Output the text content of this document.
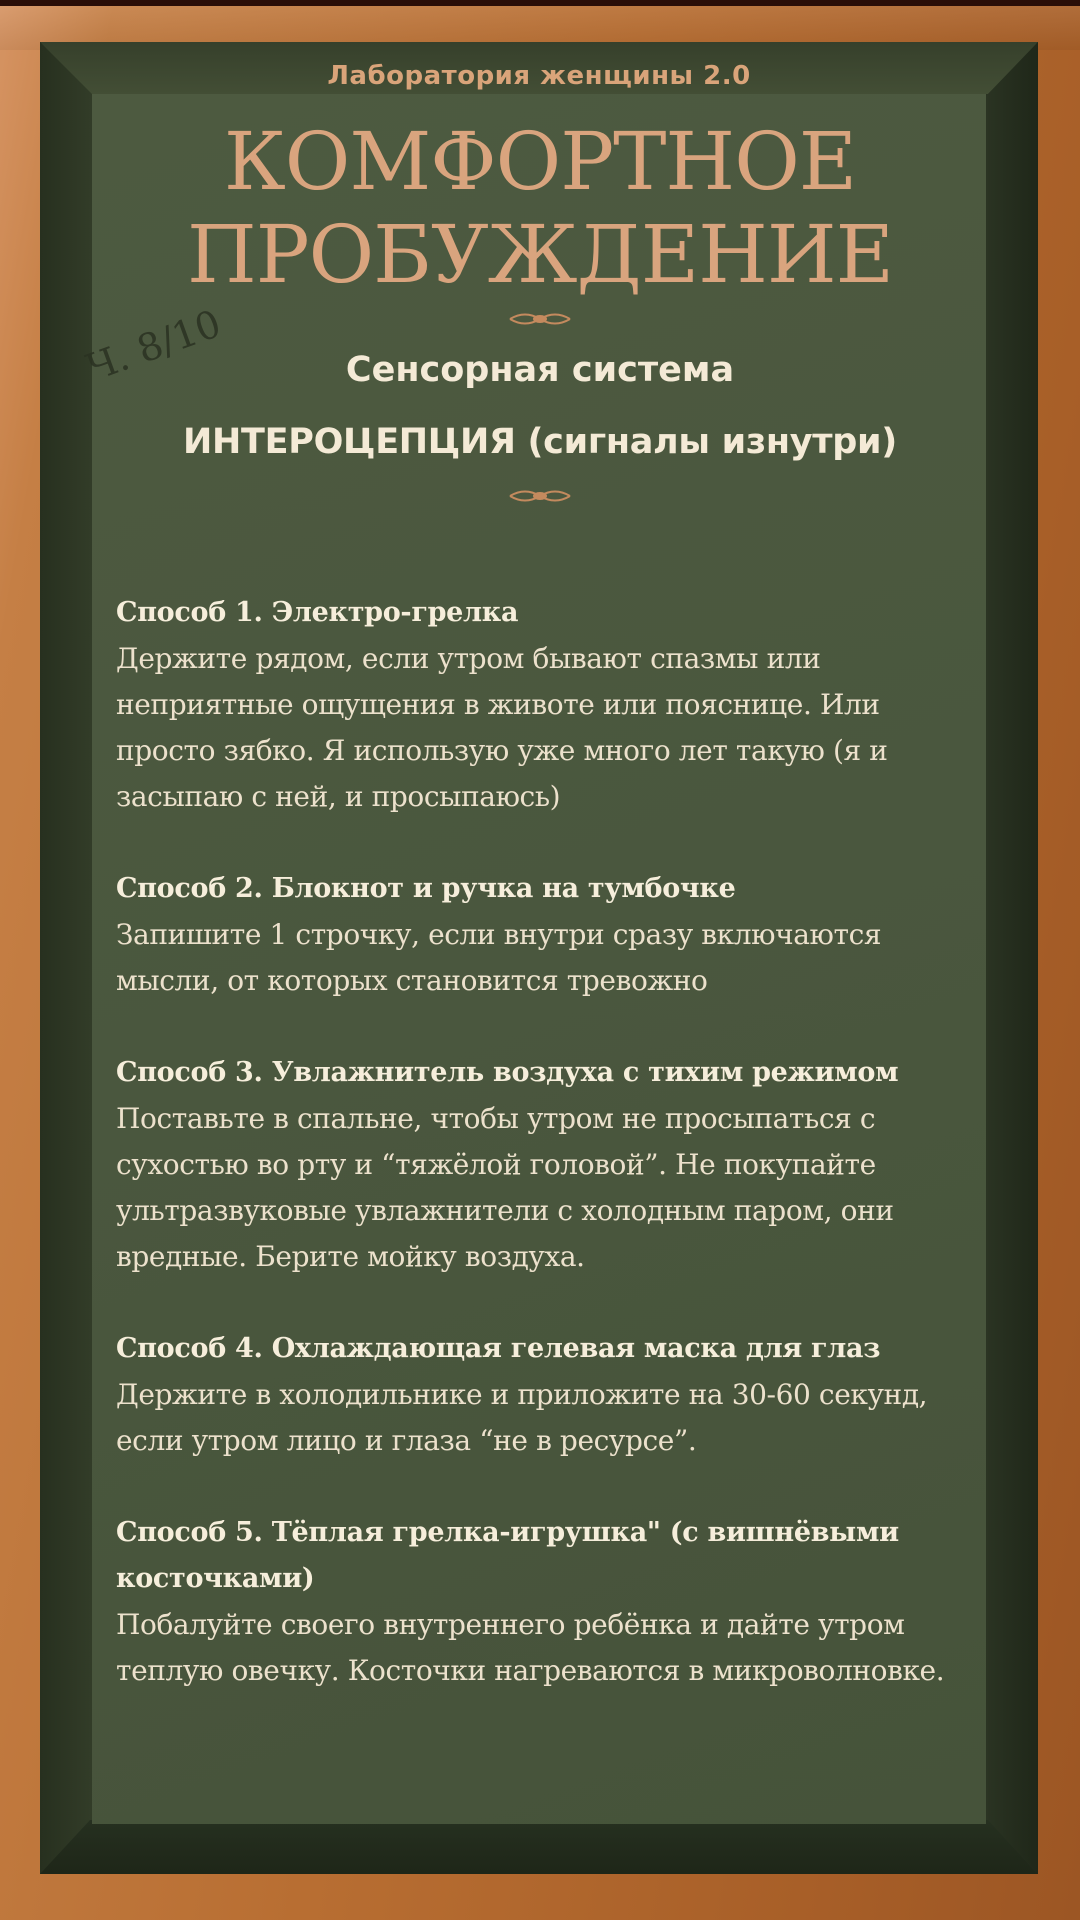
Лаборатория женщины 2.0
КОМФОРТНОЕ
ПРОБУЖДЕНИЕ
Ч. 8/10	Сенсорная система
ИНТЕРОЦЕПЦИЯ (сигналы изнутри)
Способ 1. Электро-грелка
Держите рядом, если утром бывают спазмы или неприятные ощущения в животе или пояснице. Или просто зябко. Я использую уже много лет такую (я и засыпаю с ней, и просыпаюсь)
Способ 2. Блокнот и ручка на тумбочке
Запишите 1 строчку, если внутри сразу включаются мысли, от которых становится тревожно
Способ 3. Увлажнитель воздуха с тихим режимом
Поставьте в спальне, чтобы утром не просыпаться с сухостью во рту и “тяжёлой головой”. Не покупайте ультразвуковые увлажнители с холодным паром, они вредные. Берите мойку воздуха.
Способ 4. Охлаждающая гелевая маска для глаз
Держите в холодильнике и приложите на 30-60 секунд, если утром лицо и глаза “не в ресурсе”.
Способ 5. Тёплая грелка-игрушка" (с вишнёвыми косточками)
Побалуйте своего внутреннего ребёнка и дайте утром теплую овечку. Косточки нагреваются в микроволновке.
